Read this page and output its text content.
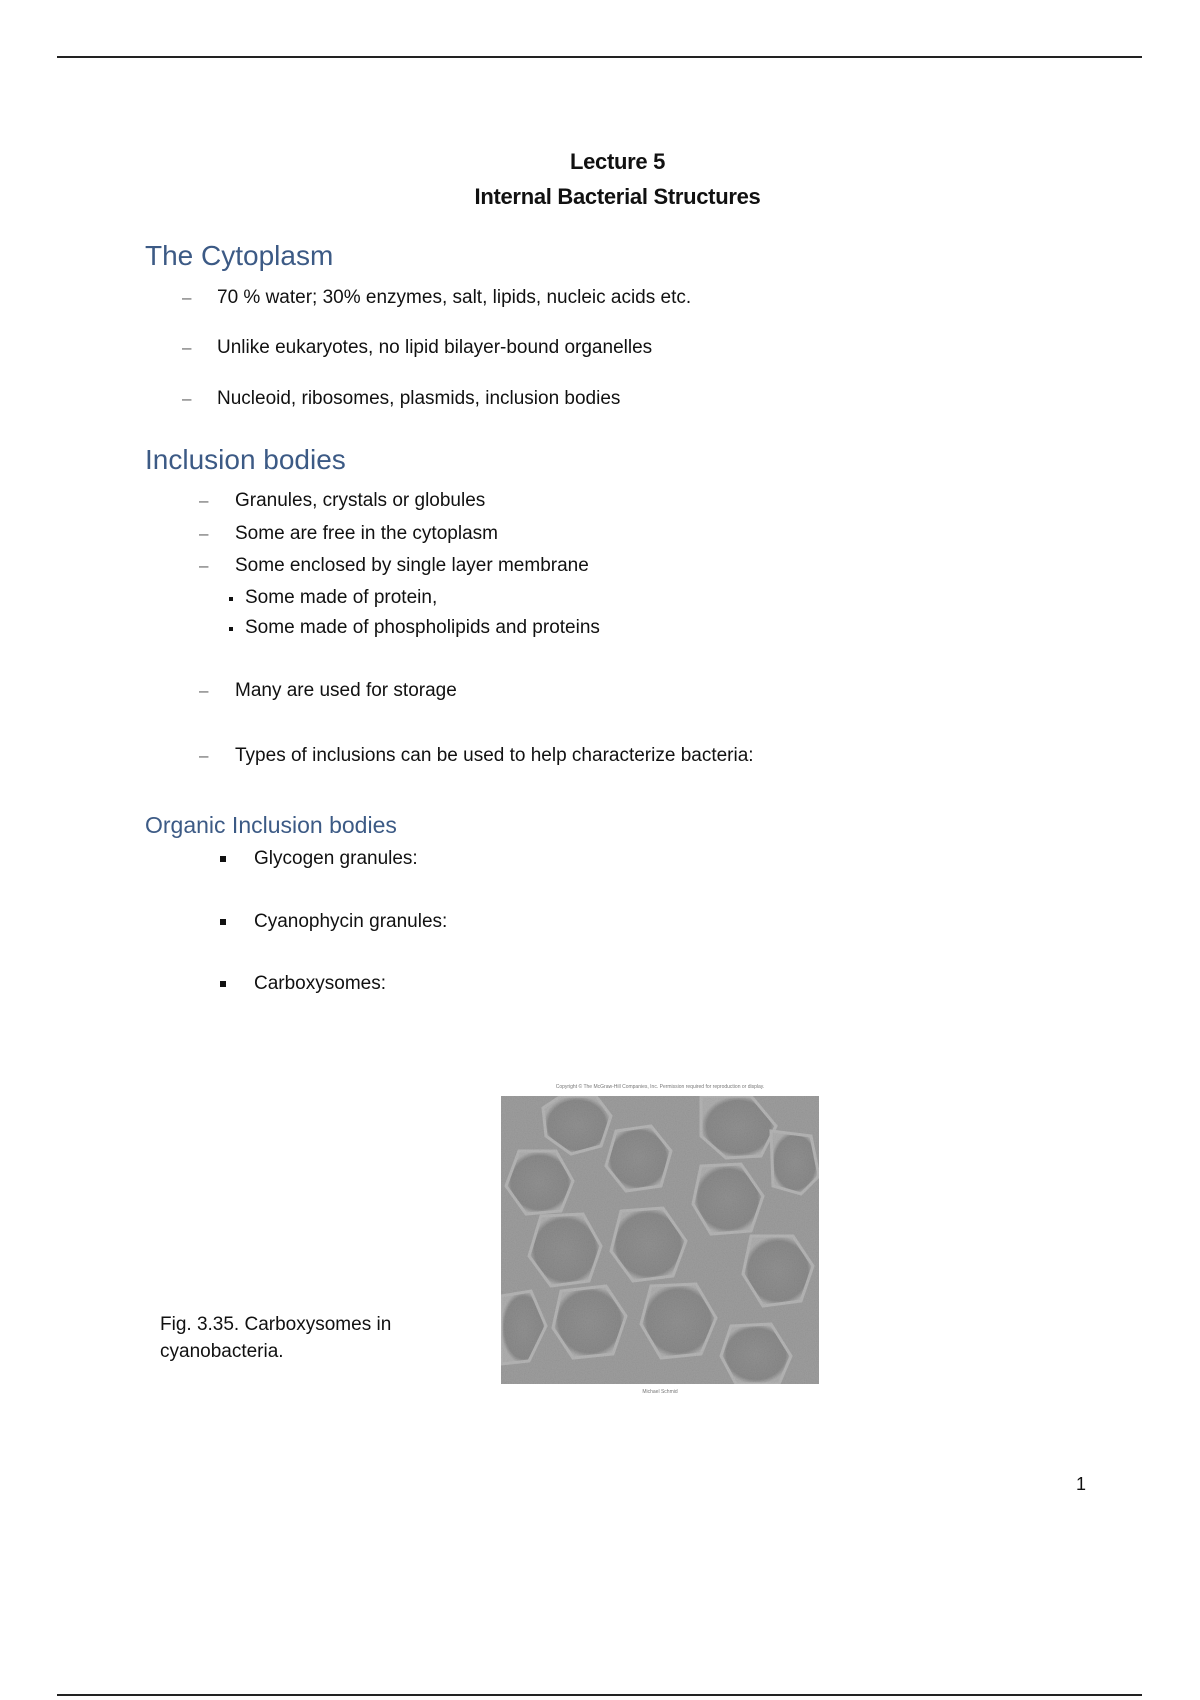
Lecture 5
Internal Bacterial Structures
The Cytoplasm
– 70 % water; 30% enzymes, salt, lipids, nucleic acids etc.
– Unlike eukaryotes, no lipid bilayer-bound organelles
– Nucleoid, ribosomes, plasmids, inclusion bodies
Inclusion bodies
– Granules, crystals or globules
– Some are free in the cytoplasm
– Some enclosed by single layer membrane
Some made of protein,
Some made of phospholipids and proteins
– Many are used for storage
– Types of inclusions can be used to help characterize bacteria:
Organic Inclusion bodies
Glycogen granules:
Cyanophycin granules:
Carboxysomes:
Copyright © The McGraw-Hill Companies, Inc. Permission required for reproduction or display.
Michael Schmid
Fig. 3.35. Carboxysomes in
cyanobacteria.
1
